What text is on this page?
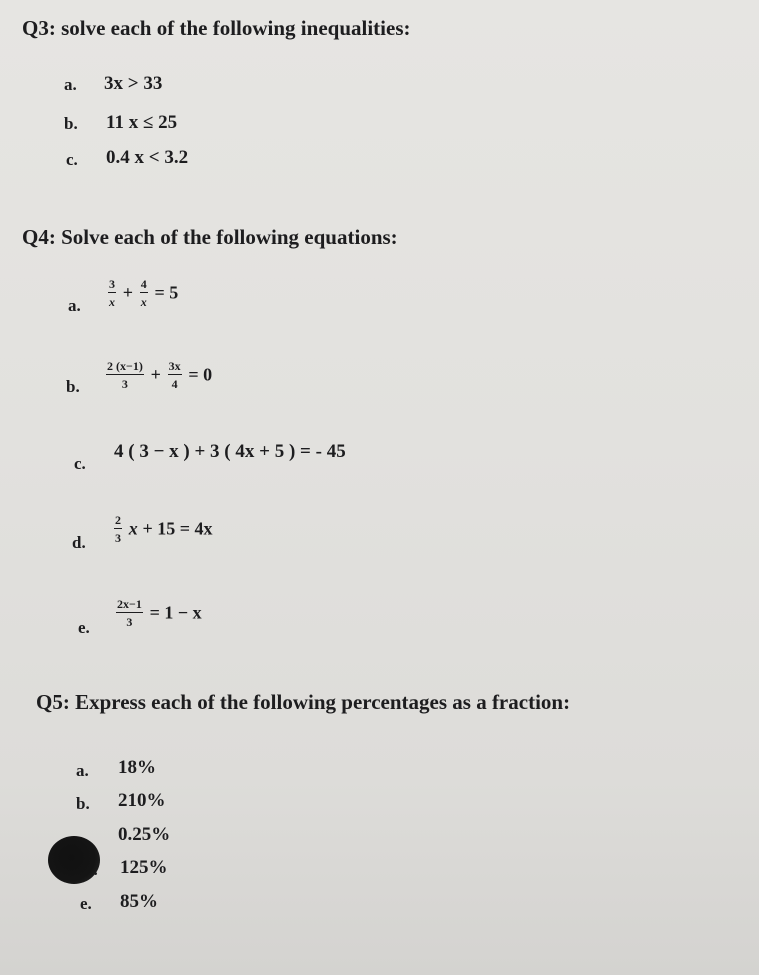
Q3: solve each of the following inequalities:
a. 3x > 33
b. 11 x ≤ 25
c. 0.4 x < 3.2
Q4: Solve each of the following equations:
a. $\frac{3}{x} + \frac{4}{x} = 5$
b. $\frac{2 (x-1)}{3} + \frac{3x}{4} = 0$
c.
4 ( 3 − x ) + 3 ( 4x + 5 ) = - 45
d. $\frac{2}{3}$ x + 15 = 4x
e. $\frac{2x-1}{3} = 1 - x$
Q5: Express each of the following percentages as a fraction:
a. 18%
b. 210%
0.25%
125%
e. 85%
